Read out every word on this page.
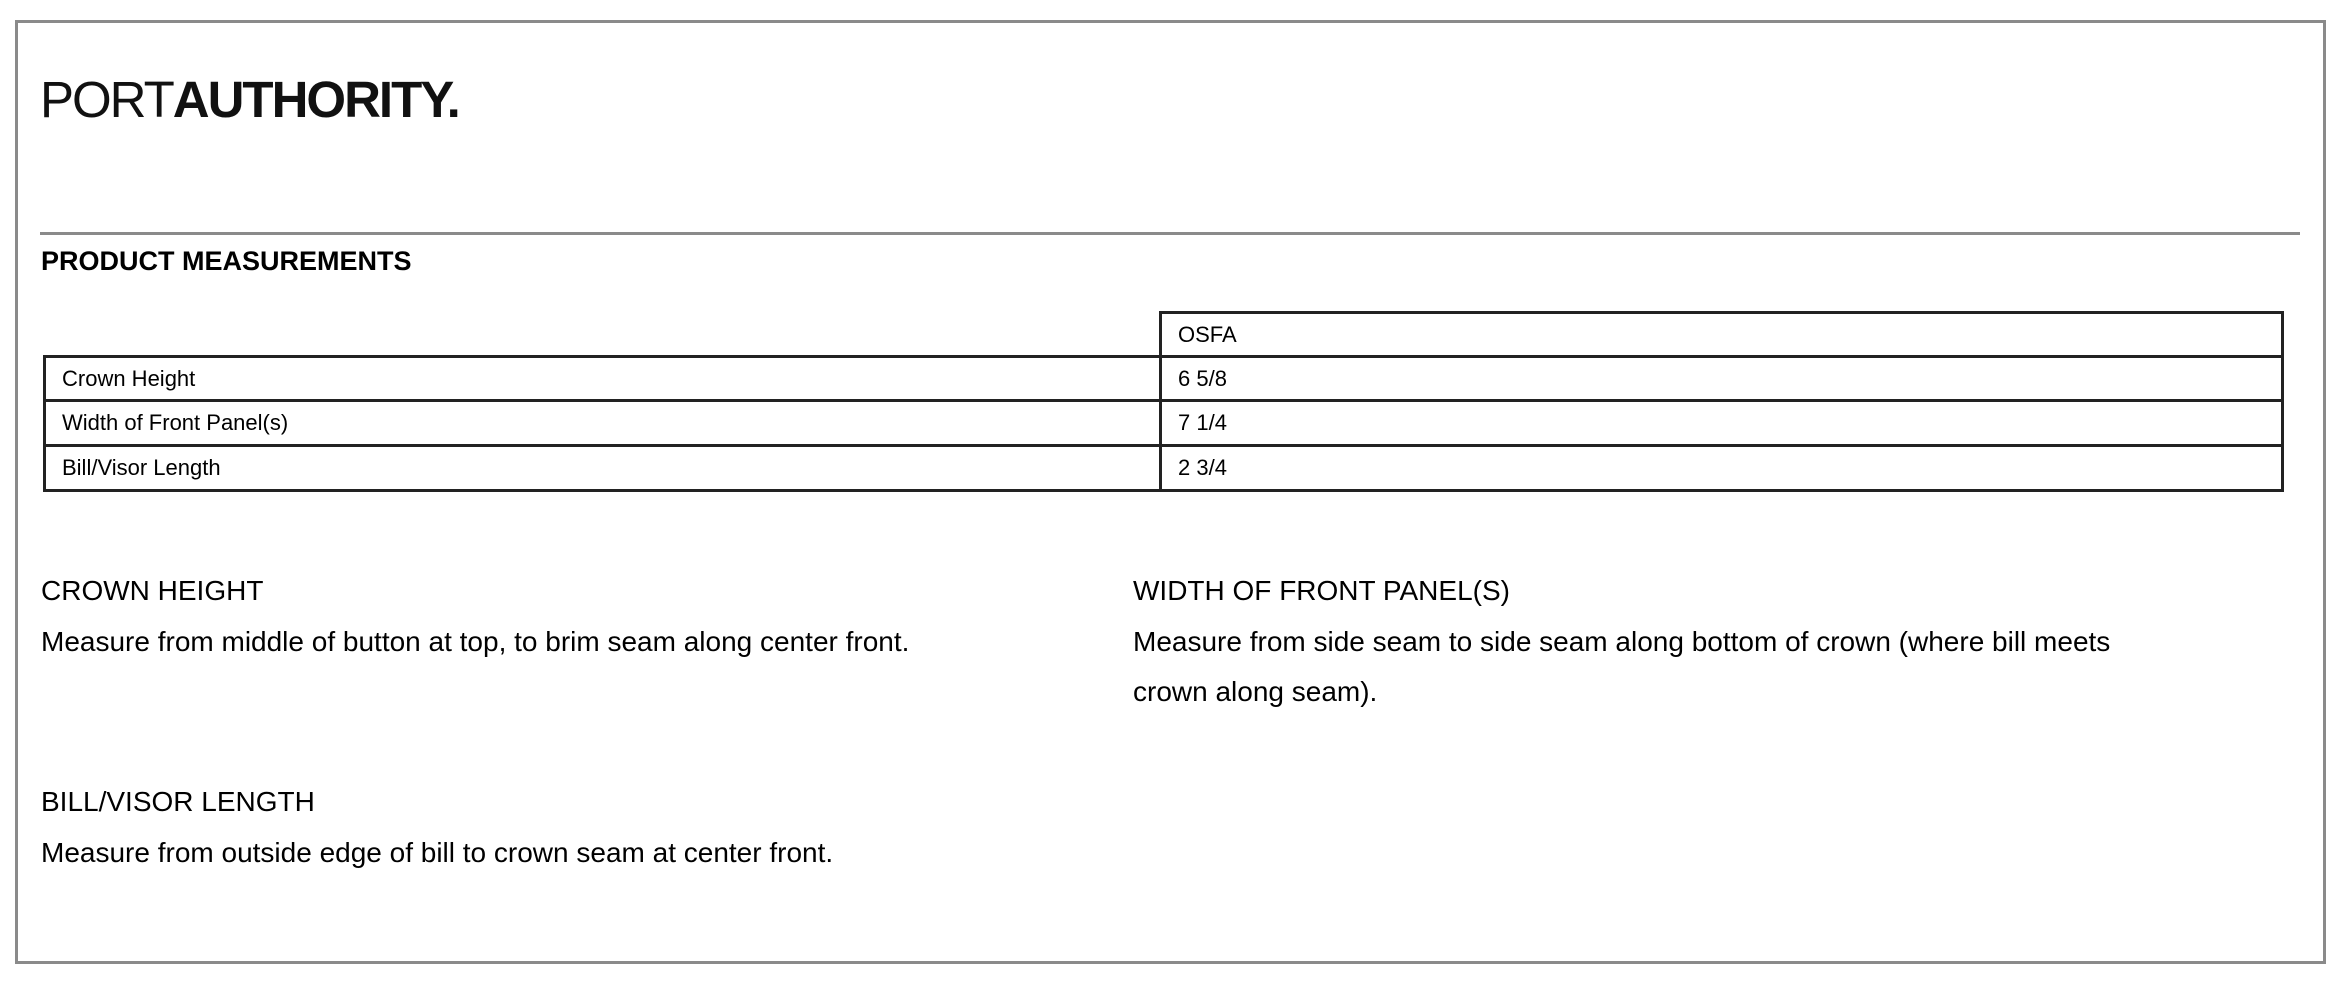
PORTAUTHORITY.
PRODUCT MEASUREMENTS
OSFA
Crown Height	6 5/8
Width of Front Panel(s)	7 1/4
Bill/Visor Length	2 3/4
CROWN HEIGHT
Measure from middle of button at top, to brim seam along center front.
WIDTH OF FRONT PANEL(S)
Measure from side seam to side seam along bottom of crown (where bill meets crown along seam).
BILL/VISOR LENGTH
Measure from outside edge of bill to crown seam at center front.
